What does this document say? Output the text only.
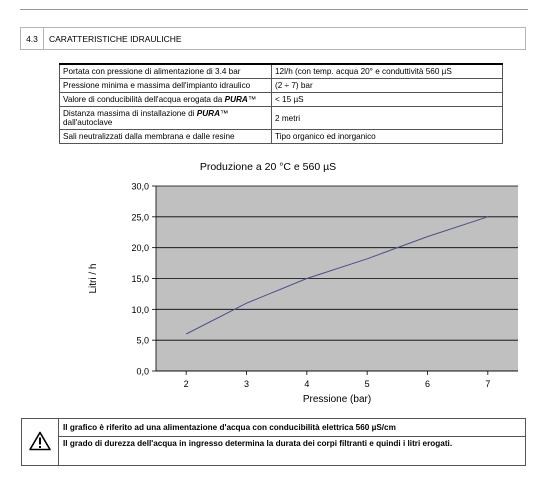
4.3	CARATTERISTICHE IDRAULICHE
Portata con pressione di alimentazione di 3.4 bar	12l/h (con temp. acqua 20° e conduttività 560 µS
Pressione minima e massima dell'impianto idraulico	(2 ÷ 7) bar
Valore di conducibilità dell'acqua erogata da PURA™	< 15 µS
Distanza massima di installazione di PURA™ dall'autoclave	2 metri
Sali neutralizzati dalla membrana e dalle resine	Tipo organico ed inorganico
Produzione a 20 °C e 560 µS
0,0
5,0
10,0
15,0
20,0
25,0
30,0
2	3	4	5	6	7
Pressione (bar)
Litri / h
	Il grafico è riferito ad una alimentazione d'acqua con conducibilità elettrica 560 µS/cm
Il grado di durezza dell'acqua in ingresso determina la durata dei corpi filtranti e quindi i litri erogati.
